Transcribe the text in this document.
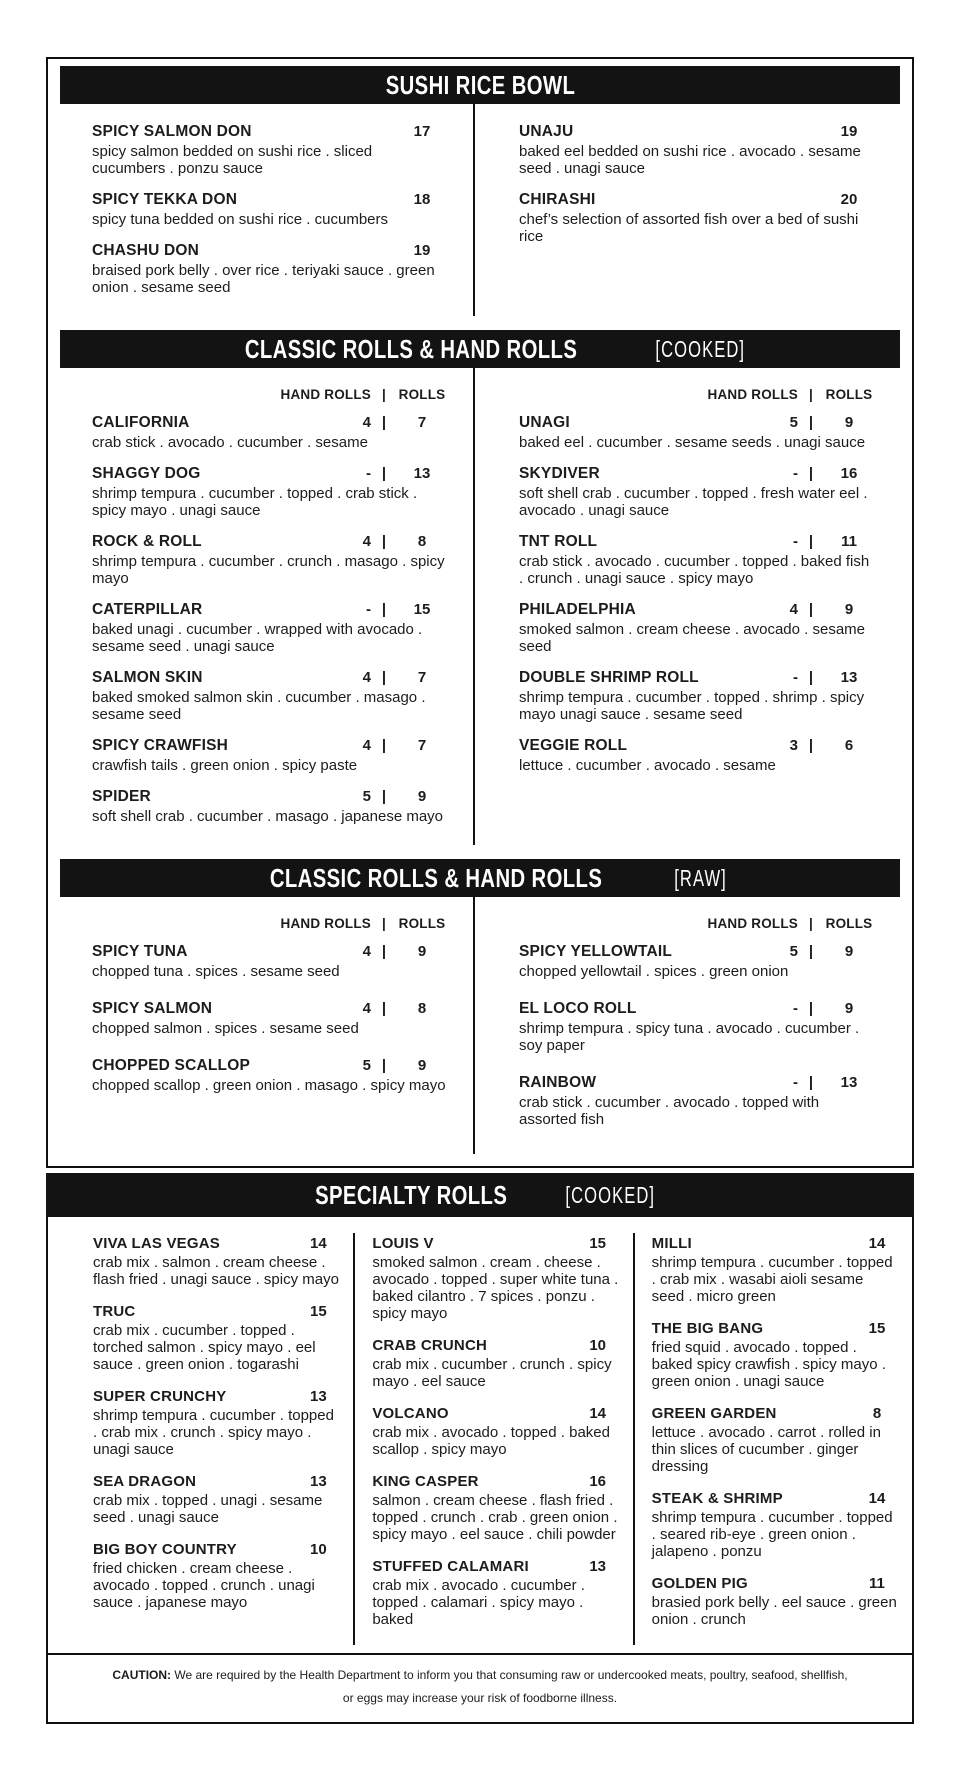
SUSHI RICE BOWL
SPICY SALMON DON	17
spicy salmon bedded on sushi rice . sliced cucumbers . ponzu sauce
SPICY TEKKA DON	18
spicy tuna bedded on sushi rice . cucumbers
CHASHU DON	19
braised pork belly . over rice . teriyaki sauce . green onion . sesame seed
UNAJU	19
baked eel bedded on sushi rice . avocado . sesame seed . unagi sauce
CHIRASHI	20
chef’s selection of assorted fish over a bed of sushi rice
CLASSIC ROLLS & HAND ROLLS	[COOKED]
HAND ROLLS | ROLLS
CALIFORNIA	4 |	7
crab stick . avocado . cucumber . sesame
SHAGGY DOG	- |	13
shrimp tempura . cucumber . topped . crab stick . spicy mayo . unagi sauce
ROCK & ROLL	4 |	8
shrimp tempura . cucumber . crunch . masago . spicy mayo
CATERPILLAR	- |	15
baked unagi . cucumber . wrapped with avocado . sesame seed . unagi sauce
SALMON SKIN	4 |	7
baked smoked salmon skin . cucumber . masago . sesame seed
SPICY CRAWFISH	4 |	7
crawfish tails . green onion . spicy paste
SPIDER	5 |	9
soft shell crab . cucumber . masago . japanese mayo
HAND ROLLS | ROLLS
UNAGI	5 |	9
baked eel . cucumber . sesame seeds . unagi sauce
SKYDIVER	- |	16
soft shell crab . cucumber . topped . fresh water eel . avocado . unagi sauce
TNT ROLL	- |	11
crab stick . avocado . cucumber . topped . baked fish . crunch . unagi sauce . spicy mayo
PHILADELPHIA	4 |	9
smoked salmon . cream cheese . avocado . sesame seed
DOUBLE SHRIMP ROLL	- |	13
shrimp tempura . cucumber . topped . shrimp . spicy mayo unagi sauce . sesame seed
VEGGIE ROLL	3 |	6
lettuce . cucumber . avocado . sesame
CLASSIC ROLLS & HAND ROLLS	[RAW]
HAND ROLLS | ROLLS
SPICY TUNA	4 |	9
chopped tuna . spices . sesame seed
SPICY SALMON	4 |	8
chopped salmon . spices . sesame seed
CHOPPED SCALLOP	5 |	9
chopped scallop . green onion . masago . spicy mayo
HAND ROLLS | ROLLS
SPICY YELLOWTAIL	5 |	9
chopped yellowtail . spices . green onion
EL LOCO ROLL	- |	9
shrimp tempura . spicy tuna . avocado . cucumber . soy paper
RAINBOW	- |	13
crab stick . cucumber . avocado . topped with assorted fish
SPECIALTY ROLLS	[COOKED]
VIVA LAS VEGAS	14
crab mix . salmon . cream cheese . flash fried . unagi sauce . spicy mayo
TRUC	15
crab mix . cucumber . topped . torched salmon . spicy mayo . eel sauce . green onion . togarashi
SUPER CRUNCHY	13
shrimp tempura . cucumber . topped . crab mix . crunch . spicy mayo . unagi sauce
SEA DRAGON	13
crab mix . topped . unagi . sesame seed . unagi sauce
BIG BOY COUNTRY	10
fried chicken . cream cheese . avocado . topped . crunch . unagi sauce . japanese mayo
LOUIS V	15
smoked salmon . cream . cheese . avocado . topped . super white tuna . baked cilantro . 7 spices . ponzu . spicy mayo
CRAB CRUNCH	10
crab mix . cucumber . crunch . spicy mayo . eel sauce
VOLCANO	14
crab mix . avocado . topped . baked scallop . spicy mayo
KING CASPER	16
salmon . cream cheese . flash fried . topped . crunch . crab . green onion . spicy mayo . eel sauce . chili powder
STUFFED CALAMARI	13
crab mix . avocado . cucumber . topped . calamari . spicy mayo . baked
MILLI	14
shrimp tempura . cucumber . topped . crab mix . wasabi aioli sesame seed . micro green
THE BIG BANG	15
fried squid . avocado . topped . baked spicy crawfish . spicy mayo . green onion . unagi sauce
GREEN GARDEN	8
lettuce . avocado . carrot . rolled in thin slices of cucumber . ginger dressing
STEAK & SHRIMP	14
shrimp tempura . cucumber . topped . seared rib-eye . green onion . jalapeno . ponzu
GOLDEN PIG	11
brasied pork belly . eel sauce . green onion . crunch
CAUTION: We are required by the Health Department to inform you that consuming raw or undercooked meats, poultry, seafood, shellfish,
or eggs may increase your risk of foodborne illness.
